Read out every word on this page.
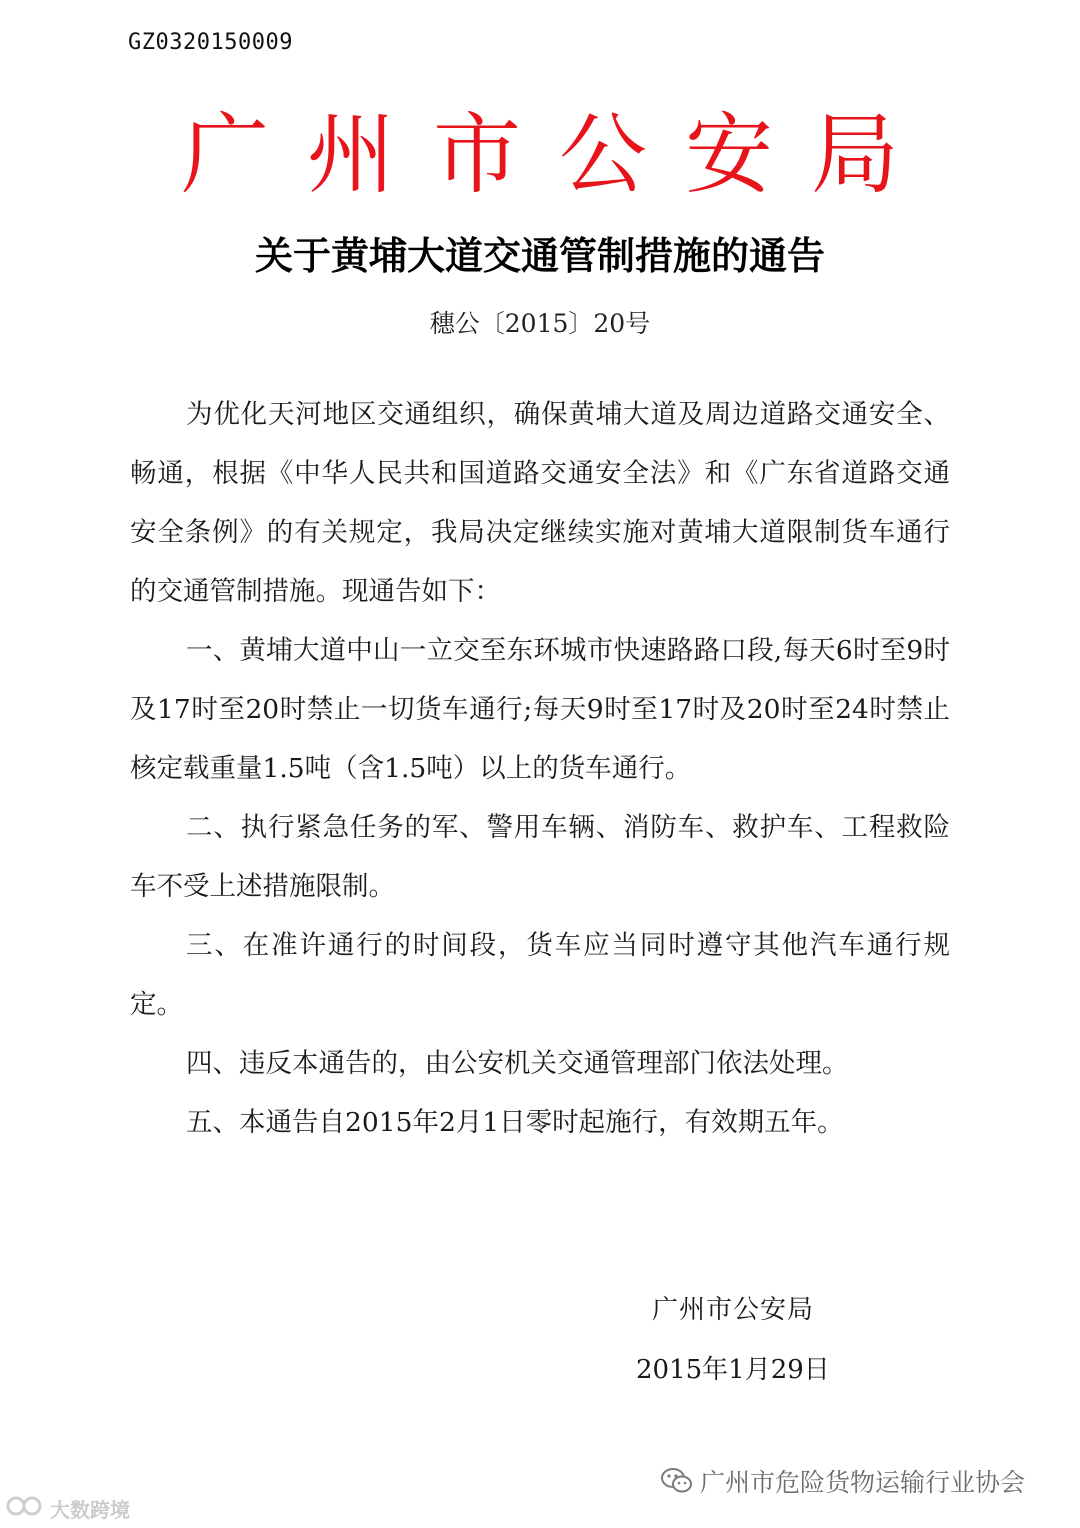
GZ0320150009
广州市公安局
关于黄埔大道交通管制措施的通告
穗公〔2015〕20号

为优化天河地区交通组织，确保黄埔大道及周边道路交通安全、畅通，根据《中华人民共和国道路交通安全法》和《广东省道路交通安全条例》的有关规定，我局决定继续实施对黄埔大道限制货车通行的交通管制措施。现通告如下：

一、黄埔大道中山一立交至东环城市快速路路口段,每天6时至9时及17时至20时禁止一切货车通行;每天9时至17时及20时至24时禁止核定载重量1.5吨（含1.5吨）以上的货车通行。

二、执行紧急任务的军、警用车辆、消防车、救护车、工程救险车不受上述措施限制。

三、在准许通行的时间段，货车应当同时遵守其他汽车通行规定。

四、违反本通告的，由公安机关交通管理部门依法处理。

五、本通告自2015年2月1日零时起施行，有效期五年。

广州市公安局
2015年1月29日
广州市危险货物运输行业协会
大数跨境
